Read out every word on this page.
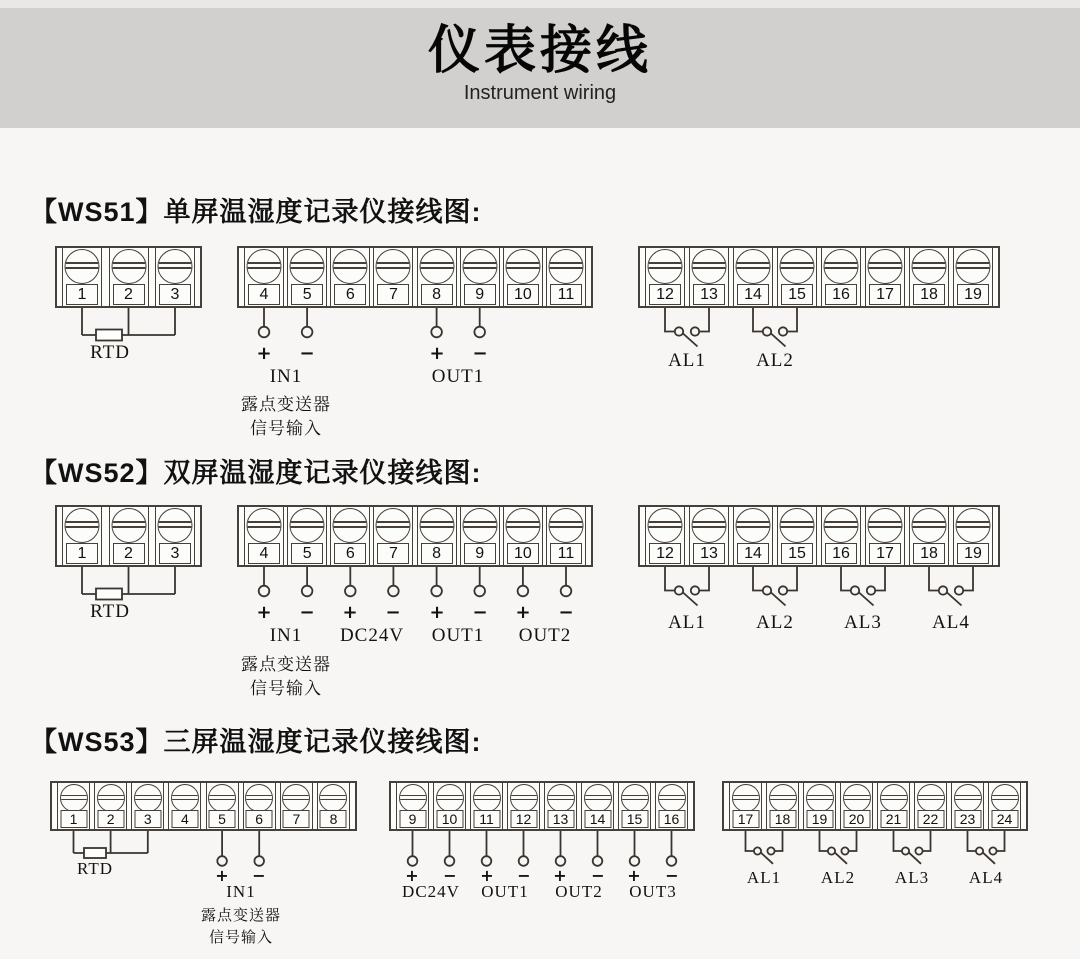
仪表接线
Instrument wiring
【WS51】单屏温湿度记录仪接线图:
1	2	3	4	5	6	7	8	9	10	11	12	13	14	15	16	17	18	19
RTD	+ −	+ −
IN1	OUT1
露点变送器
信号输入
AL1	AL2
【WS52】双屏温湿度记录仪接线图:
1	2	3	4	5	6	7	8	9	10	11	12	13	14	15	16	17	18	19
RTD	+ − + − + − + −
IN1 DC24V OUT1 OUT2
露点变送器
信号输入
AL1	AL2	AL3	AL4
【WS53】三屏温湿度记录仪接线图:
1	2	3	4	5	6	7	8	9	10	11	12	13	14	15	16	17	18	19	20	21	22	23	24
RTD	+ −
IN1
露点变送器
信号输入
+ − + − + − + −
DC24V OUT1 OUT2 OUT3
AL1 AL2 AL3 AL4
